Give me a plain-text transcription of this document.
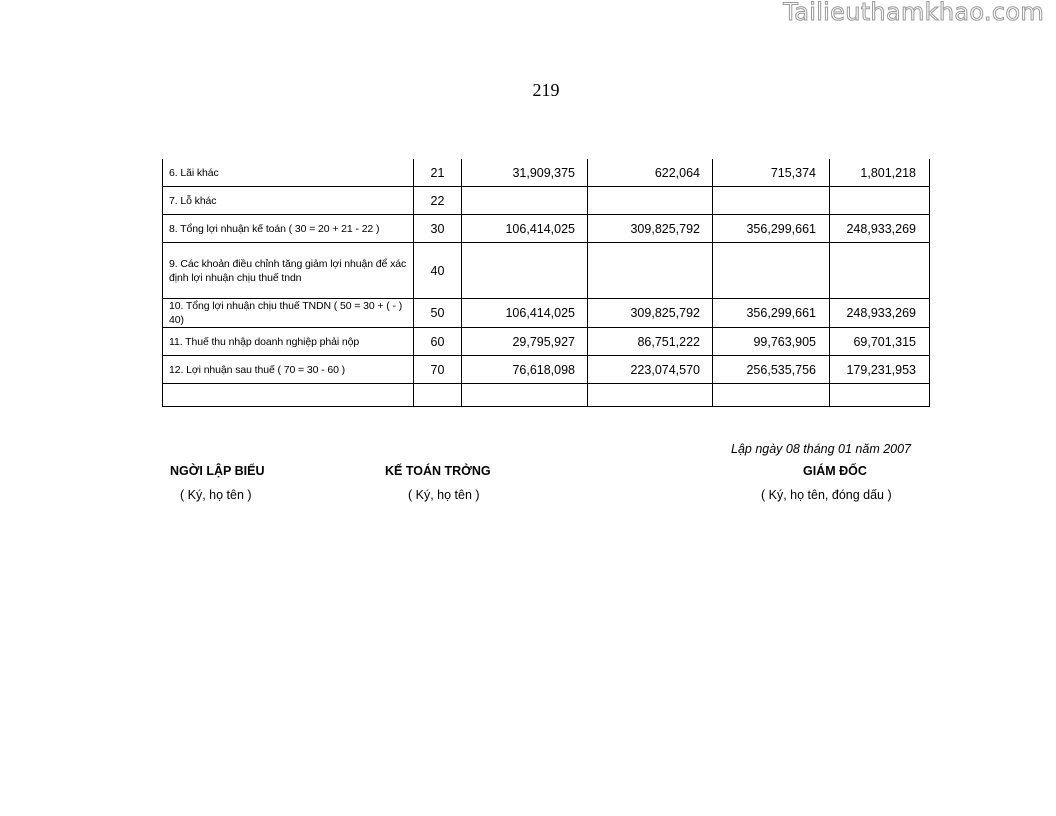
Tailieuthamkhao.com
219
6. Lãi khác	21	31,909,375	622,064	715,374	1,801,218
7. Lỗ khác	22				
8. Tổng lợi nhuận kế toán ( 30 = 20 + 21 - 22 )	30	106,414,025	309,825,792	356,299,661	248,933,269
9. Các khoản điều chỉnh tăng giảm lợi nhuận để xác định lợi nhuận chịu thuế tndn	40				
10. Tổng lợi nhuận chịu thuế TNDN ( 50 = 30 + ( - ) 40)	50	106,414,025	309,825,792	356,299,661	248,933,269
11. Thuế thu nhập doanh nghiệp phải nộp	60	29,795,927	86,751,222	99,763,905	69,701,315
12. Lợi nhuận sau thuế ( 70 = 30 - 60 )	70	76,618,098	223,074,570	256,535,756	179,231,953

Lập ngày 08 tháng 01 năm 2007
NGỜI LẬP BIỂU
( Ký, họ tên )
KẾ TOÁN TRỞNG
( Ký, họ tên )
GIÁM ĐỐC
( Ký, họ tên, đóng dấu )
